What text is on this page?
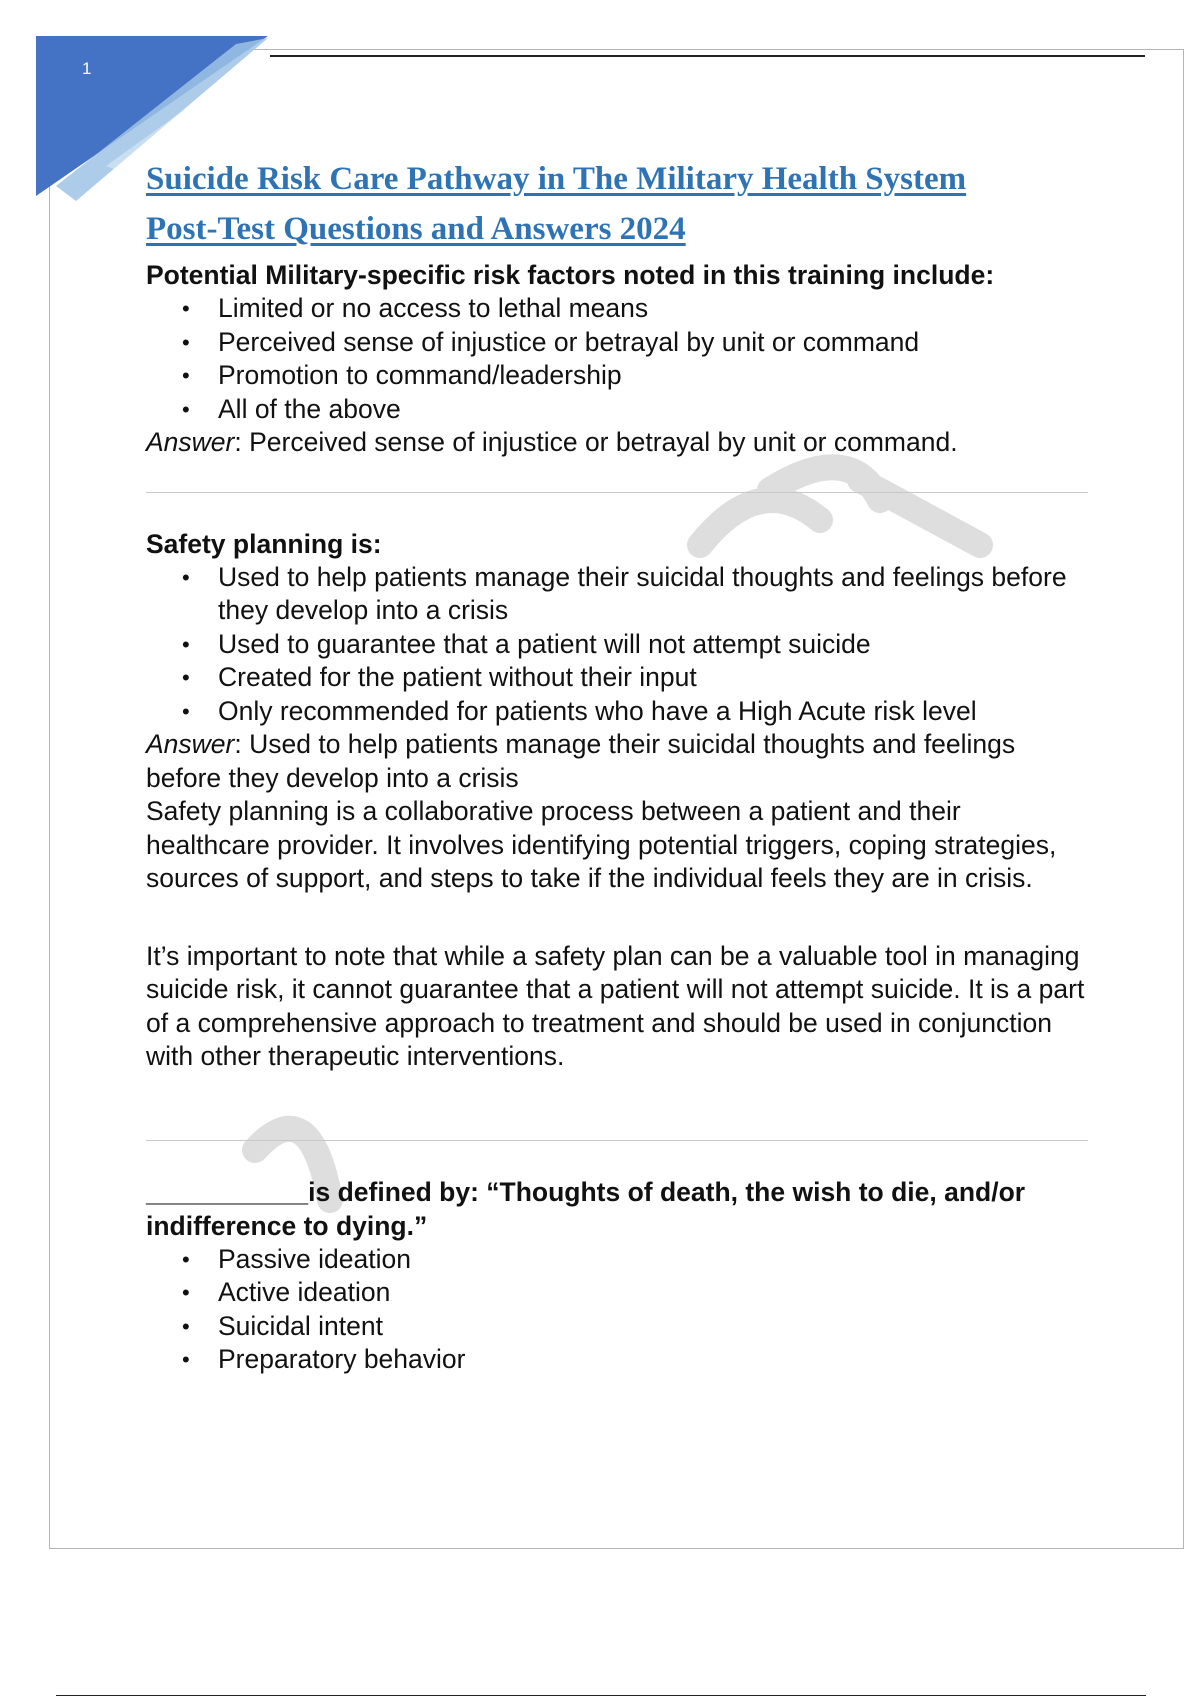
1
Suicide Risk Care Pathway in The Military Health System
Post-Test Questions and Answers 2024

Potential Military-specific risk factors noted in this training include:

• Limited or no access to lethal means
• Perceived sense of injustice or betrayal by unit or command
• Promotion to command/leadership
• All of the above

Answer: Perceived sense of injustice or betrayal by unit or command.

Safety planning is:

• Used to help patients manage their suicidal thoughts and feelings before they develop into a crisis
• Used to guarantee that a patient will not attempt suicide
• Created for the patient without their input
• Only recommended for patients who have a High Acute risk level

Answer: Used to help patients manage their suicidal thoughts and feelings before they develop into a crisis

Safety planning is a collaborative process between a patient and their healthcare provider. It involves identifying potential triggers, coping strategies, sources of support, and steps to take if the individual feels they are in crisis.

It’s important to note that while a safety plan can be a valuable tool in managing suicide risk, it cannot guarantee that a patient will not attempt suicide. It is a part of a comprehensive approach to treatment and should be used in conjunction with other therapeutic interventions.

___________is defined by: “Thoughts of death, the wish to die, and/or indifference to dying.”

• Passive ideation
• Active ideation
• Suicidal intent
• Preparatory behavior
